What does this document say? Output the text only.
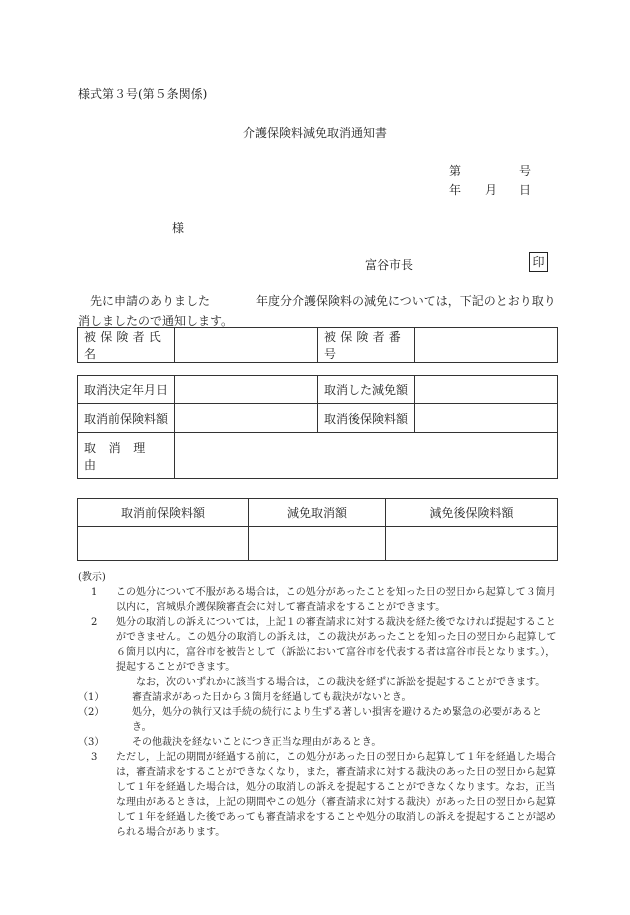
様式第３号(第５条関係)
介護保険料減免取消通知書
第	号
年 月 日
様
富谷市長	印
先に申請のありました	年度分介護保険料の減免については，下記のとおり取り
消しましたので通知します。
被保険者氏名		被保険者番号	
取消決定年月日		取消した減免額	
取消前保険料額		取消後保険料額	
取消理由			
取消前保険料額	減免取消額	減免後保険料額

(教示)
1	この処分について不服がある場合は，この処分があったことを知った日の翌日から起算して３箇月以内に，宮城県介護保険審査会に対して審査請求をすることができます。
2	処分の取消しの訴えについては，上記１の審査請求に対する裁決を経た後でなければ提起することができません。この処分の取消しの訴えは，この裁決があったことを知った日の翌日から起算して６箇月以内に，富谷市を被告として（訴訟において富谷市を代表する者は富谷市長となります。），提起することができます。
なお，次のいずれかに該当する場合は，この裁決を経ずに訴訟を提起することができます。
（1）	審査請求があった日から３箇月を経過しても裁決がないとき。
（2）	処分，処分の執行又は手続の続行により生ずる著しい損害を避けるため緊急の必要があるとき。
（3）	その他裁決を経ないことにつき正当な理由があるとき。
3	ただし，上記の期間が経過する前に，この処分があった日の翌日から起算して１年を経過した場合は，審査請求をすることができなくなり，また，審査請求に対する裁決のあった日の翌日から起算して１年を経過した場合は，処分の取消しの訴えを提起することができなくなります。なお，正当な理由があるときは，上記の期間やこの処分（審査請求に対する裁決）があった日の翌日から起算して１年を経過した後であっても審査請求をすることや処分の取消しの訴えを提起することが認められる場合があります。
